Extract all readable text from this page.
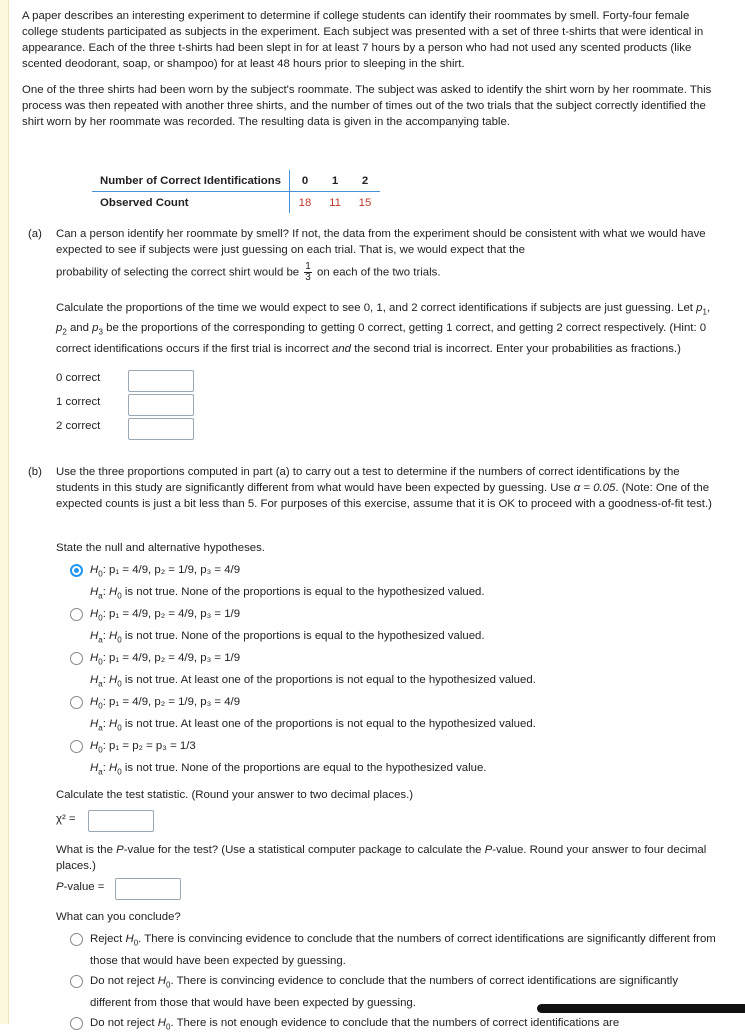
A paper describes an interesting experiment to determine if college students can identify their roommates by smell. Forty-four female college students participated as subjects in the experiment. Each subject was presented with a set of three t-shirts that were identical in appearance. Each of the three t-shirts had been slept in for at least 7 hours by a person who had not used any scented products (like scented deodorant, soap, or shampoo) for at least 48 hours prior to sleeping in the shirt.

One of the three shirts had been worn by the subject's roommate. The subject was asked to identify the shirt worn by her roommate. This process was then repeated with another three shirts, and the number of times out of the two trials that the subject correctly identified the shirt worn by her roommate was recorded. The resulting data is given in the accompanying table.

Number of Correct Identifications	0	1	2
Observed Count	18	11	15
(a) Can a person identify her roommate by smell? If not, the data from the experiment should be consistent with what we would have expected to see if subjects were just guessing on each trial. That is, we would expect that the
probability of selecting the correct shirt would be $\frac{1}{3}$ on each of the two trials.
Calculate the proportions of the time we would expect to see 0, 1, and 2 correct identifications if subjects are just guessing. Let $p_1$, $p_2$ and $p_3$ be the proportions of the corresponding to getting 0 correct, getting 1 correct, and getting 2 correct respectively. (Hint: 0 correct identifications occurs if the first trial is incorrect and the second trial is incorrect. Enter your probabilities as fractions.)
0 correct
1 correct
2 correct
(b) Use the three proportions computed in part (a) to carry out a test to determine if the numbers of correct identifications by the students in this study are significantly different from what would have been expected by guessing. Use α = 0.05. (Note: One of the expected counts is just a bit less than 5. For purposes of this exercise, assume that it is OK to proceed with a goodness-of-fit test.)
State the null and alternative hypotheses.
$H_0$: p₁ = 4/9, p₂ = 1/9, p₃ = 4/9
$H_a$: $H_0$ is not true. None of the proportions is equal to the hypothesized valued.
$H_0$: p₁ = 4/9, p₂ = 4/9, p₃ = 1/9
$H_a$: $H_0$ is not true. None of the proportions is equal to the hypothesized valued.
$H_0$: p₁ = 4/9, p₂ = 4/9, p₃ = 1/9
$H_a$: $H_0$ is not true. At least one of the proportions is not equal to the hypothesized valued.
$H_0$: p₁ = 4/9, p₂ = 1/9, p₃ = 4/9
$H_a$: $H_0$ is not true. At least one of the proportions is not equal to the hypothesized valued.
$H_0$: p₁ = p₂ = p₃ = 1/3
$H_a$: $H_0$ is not true. None of the proportions are equal to the hypothesized value.
Calculate the test statistic. (Round your answer to two decimal places.)
χ² =
What is the P-value for the test? (Use a statistical computer package to calculate the P-value. Round your answer to four decimal places.)
P-value =
What can you conclude?
Reject $H_0$. There is convincing evidence to conclude that the numbers of correct identifications are significantly different from those that would have been expected by guessing.
Do not reject $H_0$. There is convincing evidence to conclude that the numbers of correct identifications are significantly different from those that would have been expected by guessing.
Do not reject $H_0$. There is not enough evidence to conclude that the numbers of correct identifications are
